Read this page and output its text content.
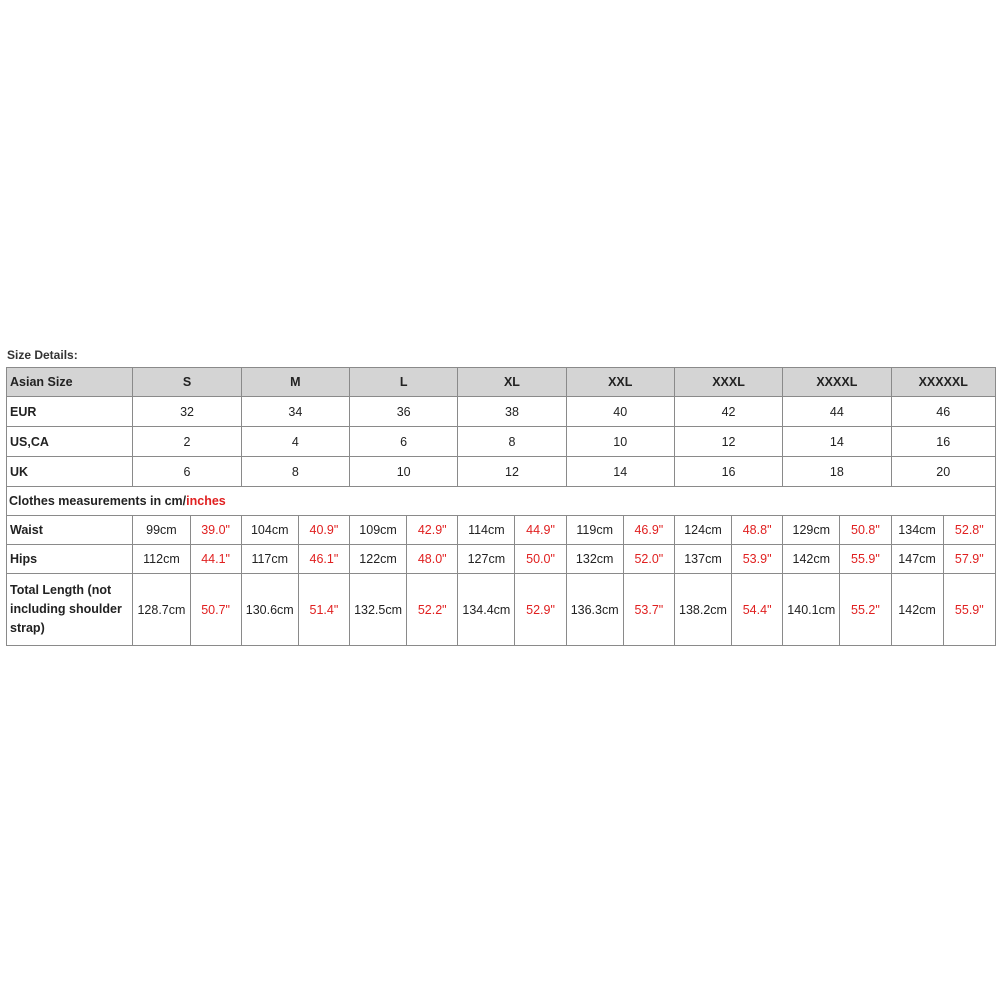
Size Details:
Asian Size	S		M		L		XL		XXL		XXXL		XXXXL		XXXXXL	
EUR	32		34		36		38		40		42		44		46	
US,CA	2		4		6		8		10		12		14		16	
UK	6		8		10		12		14		16		18		20	
Clothes measurements in cm/inches																
Waist	99cm	39.0"	104cm	40.9"	109cm	42.9"	114cm	44.9"	119cm	46.9"	124cm	48.8"	129cm	50.8"	134cm	52.8"
Hips	112cm	44.1"	117cm	46.1"	122cm	48.0"	127cm	50.0"	132cm	52.0"	137cm	53.9"	142cm	55.9"	147cm	57.9"
Total Length (not including shoulder strap)	128.7cm	50.7"	130.6cm	51.4"	132.5cm	52.2"	134.4cm	52.9"	136.3cm	53.7"	138.2cm	54.4"	140.1cm	55.2"	142cm	55.9"
